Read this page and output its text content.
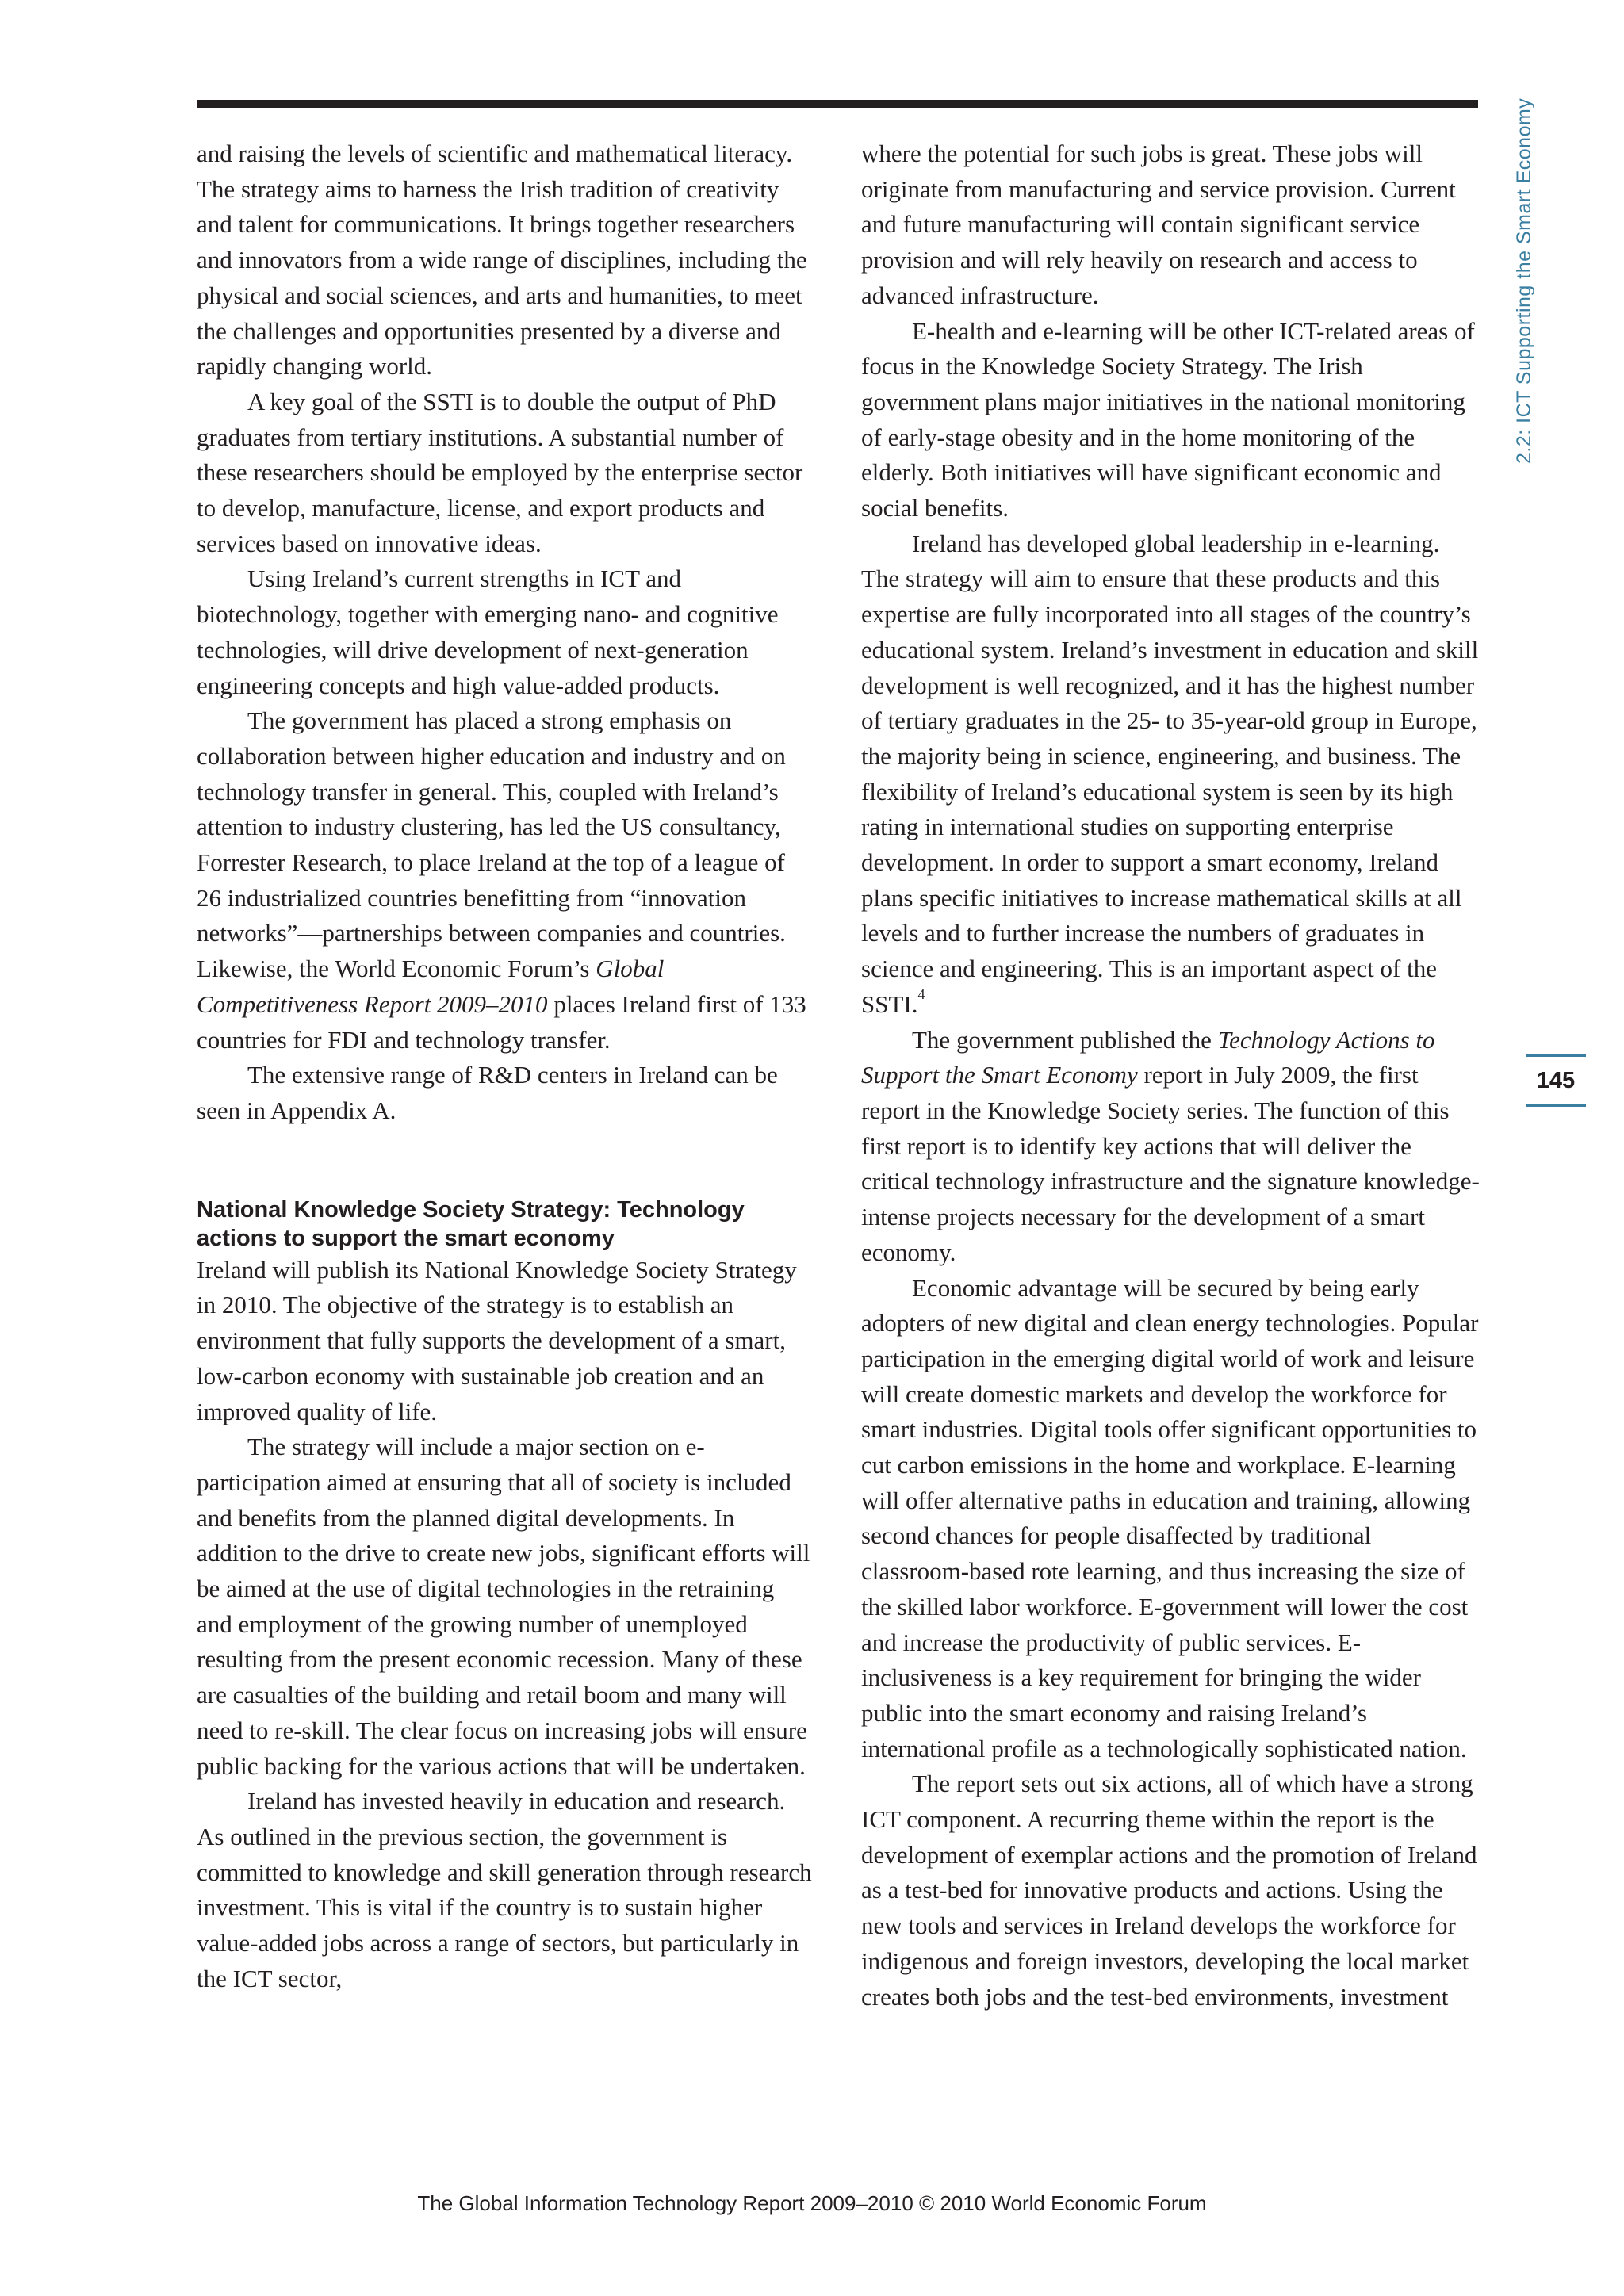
and raising the levels of scientific and mathematical literacy. The strategy aims to harness the Irish tradition of creativity and talent for communications. It brings together researchers and innovators from a wide range of disciplines, including the physical and social sciences, and arts and humanities, to meet the challenges and opportunities presented by a diverse and rapidly changing world.

A key goal of the SSTI is to double the output of PhD graduates from tertiary institutions. A substantial number of these researchers should be employed by the enterprise sector to develop, manufacture, license, and export products and services based on innovative ideas.

Using Ireland’s current strengths in ICT and biotechnology, together with emerging nano- and cognitive technologies, will drive development of next-generation engineering concepts and high value-added products.

The government has placed a strong emphasis on collaboration between higher education and industry and on technology transfer in general. This, coupled with Ireland’s attention to industry clustering, has led the US consultancy, Forrester Research, to place Ireland at the top of a league of 26 industrialized countries benefitting from “innovation networks”—partnerships between companies and countries. Likewise, the World Economic Forum’s Global Competitiveness Report 2009–2010 places Ireland first of 133 countries for FDI and technology transfer.

The extensive range of R&D centers in Ireland can be seen in Appendix A.

National Knowledge Society Strategy: Technology actions to support the smart economy

Ireland will publish its National Knowledge Society Strategy in 2010. The objective of the strategy is to establish an environment that fully supports the development of a smart, low-carbon economy with sustainable job creation and an improved quality of life.

The strategy will include a major section on e-participation aimed at ensuring that all of society is included and benefits from the planned digital developments. In addition to the drive to create new jobs, significant efforts will be aimed at the use of digital technologies in the retraining and employment of the growing number of unemployed resulting from the present economic recession. Many of these are casualties of the building and retail boom and many will need to re-skill. The clear focus on increasing jobs will ensure public backing for the various actions that will be undertaken.

Ireland has invested heavily in education and research. As outlined in the previous section, the government is committed to knowledge and skill generation through research investment. This is vital if the country is to sustain higher value-added jobs across a range of sectors, but particularly in the ICT sector,

where the potential for such jobs is great. These jobs will originate from manufacturing and service provision. Current and future manufacturing will contain significant service provision and will rely heavily on research and access to advanced infrastructure.

E-health and e-learning will be other ICT-related areas of focus in the Knowledge Society Strategy. The Irish government plans major initiatives in the national monitoring of early-stage obesity and in the home monitoring of the elderly. Both initiatives will have significant economic and social benefits.

Ireland has developed global leadership in e-learning. The strategy will aim to ensure that these products and this expertise are fully incorporated into all stages of the country’s educational system. Ireland’s investment in education and skill development is well recognized, and it has the highest number of tertiary graduates in the 25- to 35-year-old group in Europe, the majority being in science, engineering, and business. The flexibility of Ireland’s educational system is seen by its high rating in international studies on supporting enterprise development. In order to support a smart economy, Ireland plans specific initiatives to increase mathematical skills at all levels and to further increase the numbers of graduates in science and engineering. This is an important aspect of the SSTI.$^4$

The government published the Technology Actions to Support the Smart Economy report in July 2009, the first report in the Knowledge Society series. The function of this first report is to identify key actions that will deliver the critical technology infrastructure and the signature knowledge-intense projects necessary for the development of a smart economy.

Economic advantage will be secured by being early adopters of new digital and clean energy technologies. Popular participation in the emerging digital world of work and leisure will create domestic markets and develop the workforce for smart industries. Digital tools offer significant opportunities to cut carbon emissions in the home and workplace. E-learning will offer alternative paths in education and training, allowing second chances for people disaffected by traditional classroom-based rote learning, and thus increasing the size of the skilled labor workforce. E-government will lower the cost and increase the productivity of public services. E-inclusiveness is a key requirement for bringing the wider public into the smart economy and raising Ireland’s international profile as a technologically sophisticated nation.

The report sets out six actions, all of which have a strong ICT component. A recurring theme within the report is the development of exemplar actions and the promotion of Ireland as a test-bed for innovative products and actions. Using the new tools and services in Ireland develops the workforce for indigenous and foreign investors, developing the local market creates both jobs and the test-bed environments, investment

2.2: ICT Supporting the Smart Economy
145
The Global Information Technology Report 2009–2010 © 2010 World Economic Forum
